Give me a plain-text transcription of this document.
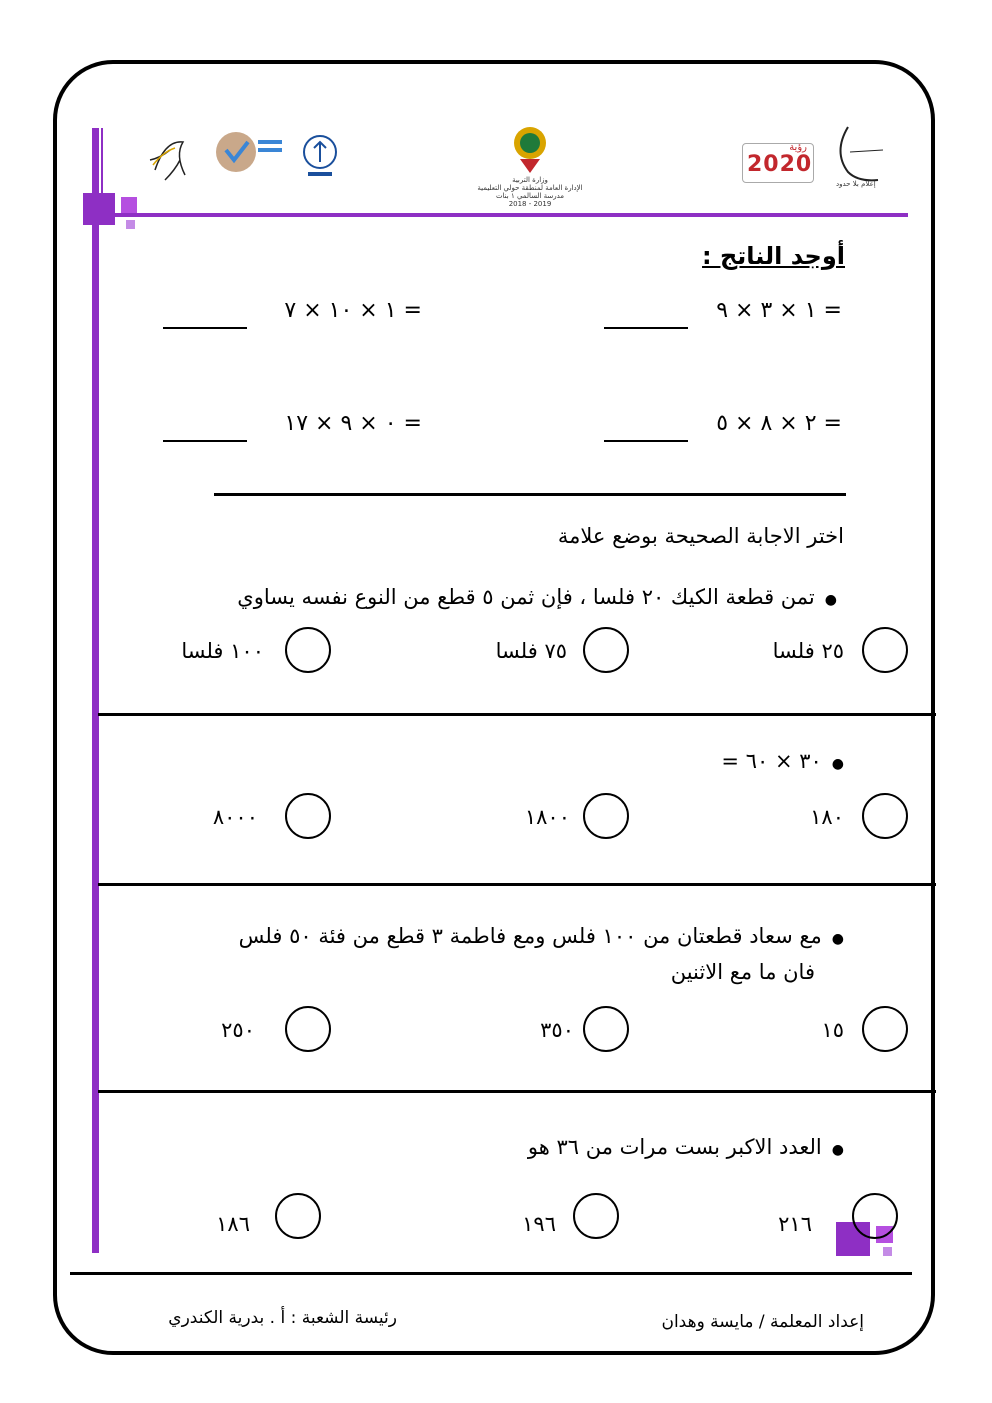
وزارة التربية
الإدارة العامة لمنطقة حولي التعليمية
مدرسة السالمي ١ بنات
2018 - 2019
رؤية
2020
إعلام بلا حدود
أوجد الناتج :
= ١ × ٣ × ٩
= ١ × ١٠ × ٧
= ٢ × ٨ × ٥
= ٠ × ٩ × ١٧
اختر الاجابة الصحيحة بوضع علامة
●تمن قطعة الكيك ٢٠ فلسا ، فإن ثمن ٥ قطع من النوع نفسه يساوي
٢٥ فلسا
٧٥ فلسا
١٠٠ فلسا
●٣٠ × ٦٠ =
١٨٠
١٨٠٠
٨٠٠٠
●مع سعاد قطعتان من ١٠٠ فلس ومع فاطمة ٣ قطع من فئة ٥٠ فلس
فان ما مع الاثنين
١٥
٣٥٠
٢٥٠
●العدد الاكبر بست مرات من ٣٦ هو
٢١٦
١٩٦
١٨٦
إعداد المعلمة / مايسة وهدان
رئيسة الشعبة : أ . بدرية الكندري
